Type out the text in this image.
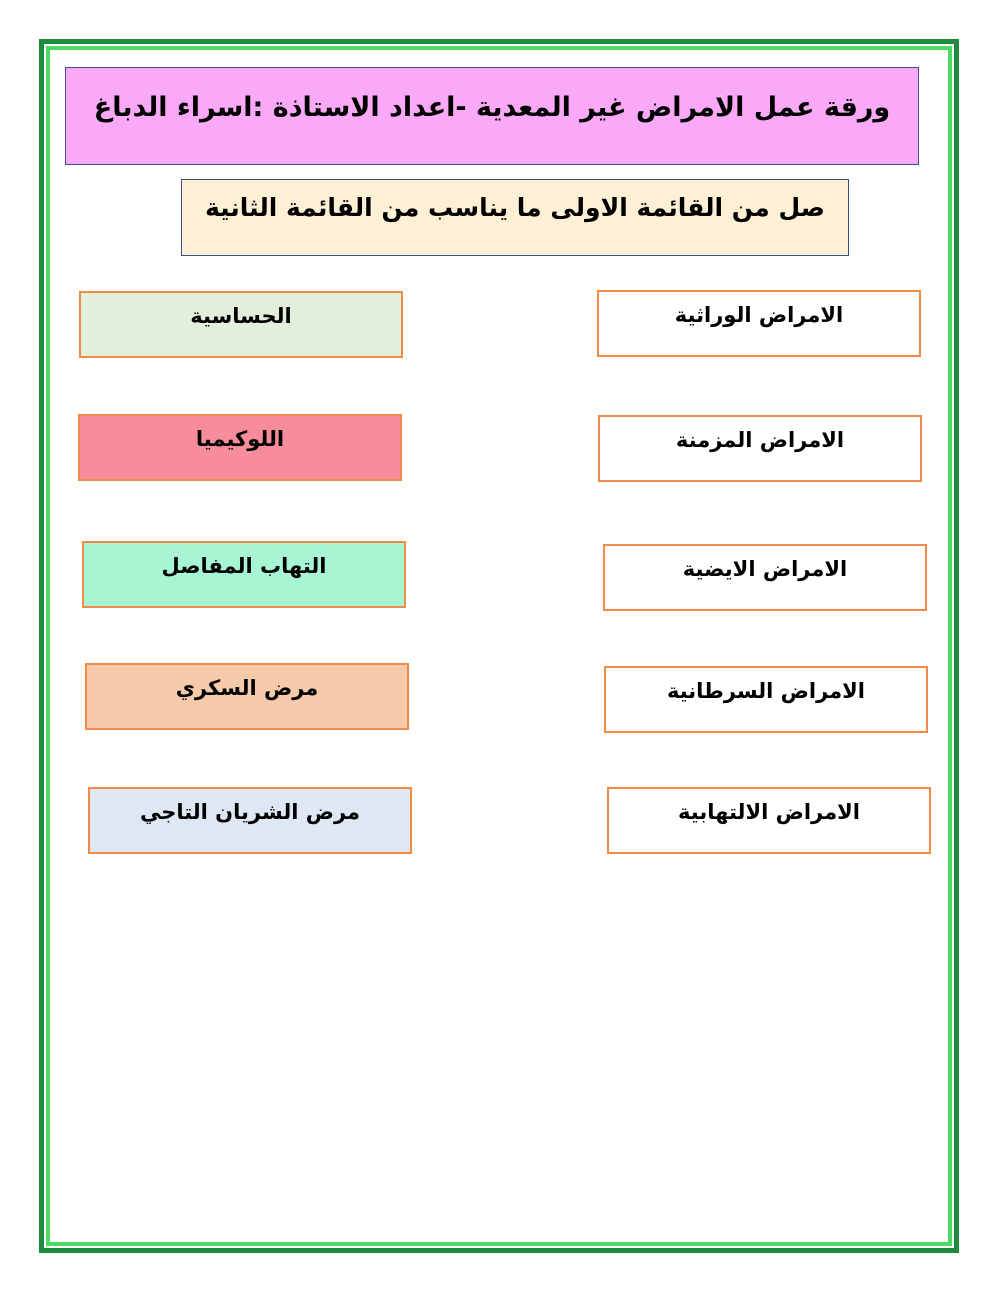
ورقة عمل الامراض غير المعدية -اعداد الاستاذة :اسراء الدباغ
صل من القائمة الاولى ما يناسب من القائمة الثانية
الامراض الوراثية
الامراض المزمنة
الامراض الايضية
الامراض السرطانية
الامراض الالتهابية
الحساسية
اللوكيميا
التهاب المفاصل
مرض السكري
مرض الشريان التاجي
